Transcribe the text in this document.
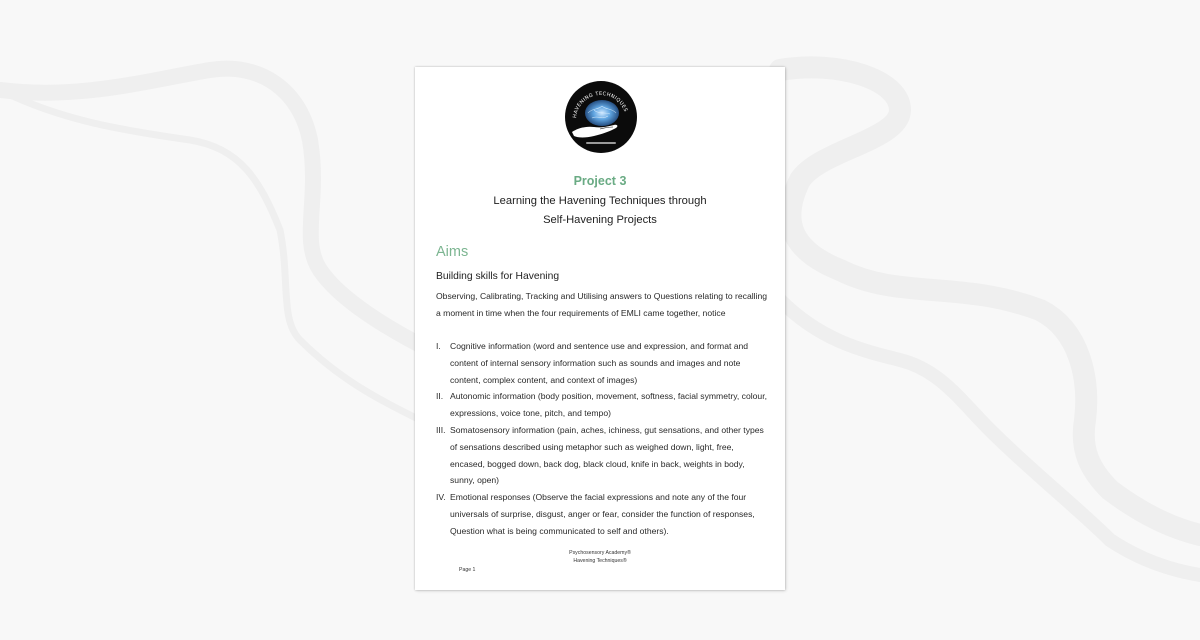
HAVENING TECHNIQUES

Project 3

Learning the Havening Techniques through
Self-Havening Projects

Aims

Building skills for Havening

Observing, Calibrating, Tracking and Utilising answers to Questions relating to recalling a moment in time when the four requirements of EMLI came together, notice

I. Cognitive information (word and sentence use and expression, and format and content of internal sensory information such as sounds and images and note content, complex content, and context of images)
II. Autonomic information (body position, movement, softness, facial symmetry, colour, expressions, voice tone, pitch, and tempo)
III. Somatosensory information (pain, aches, ichiness, gut sensations, and other types of sensations described using metaphor such as weighed down, light, free, encased, bogged down, back dog, black cloud, knife in back, weights in body, sunny, open)
IV. Emotional responses (Observe the facial expressions and note any of the four universals of surprise, disgust, anger or fear, consider the function of responses, Question what is being communicated to self and others).
Psychosensory Academy®
Havening Techniques®
Page 1
